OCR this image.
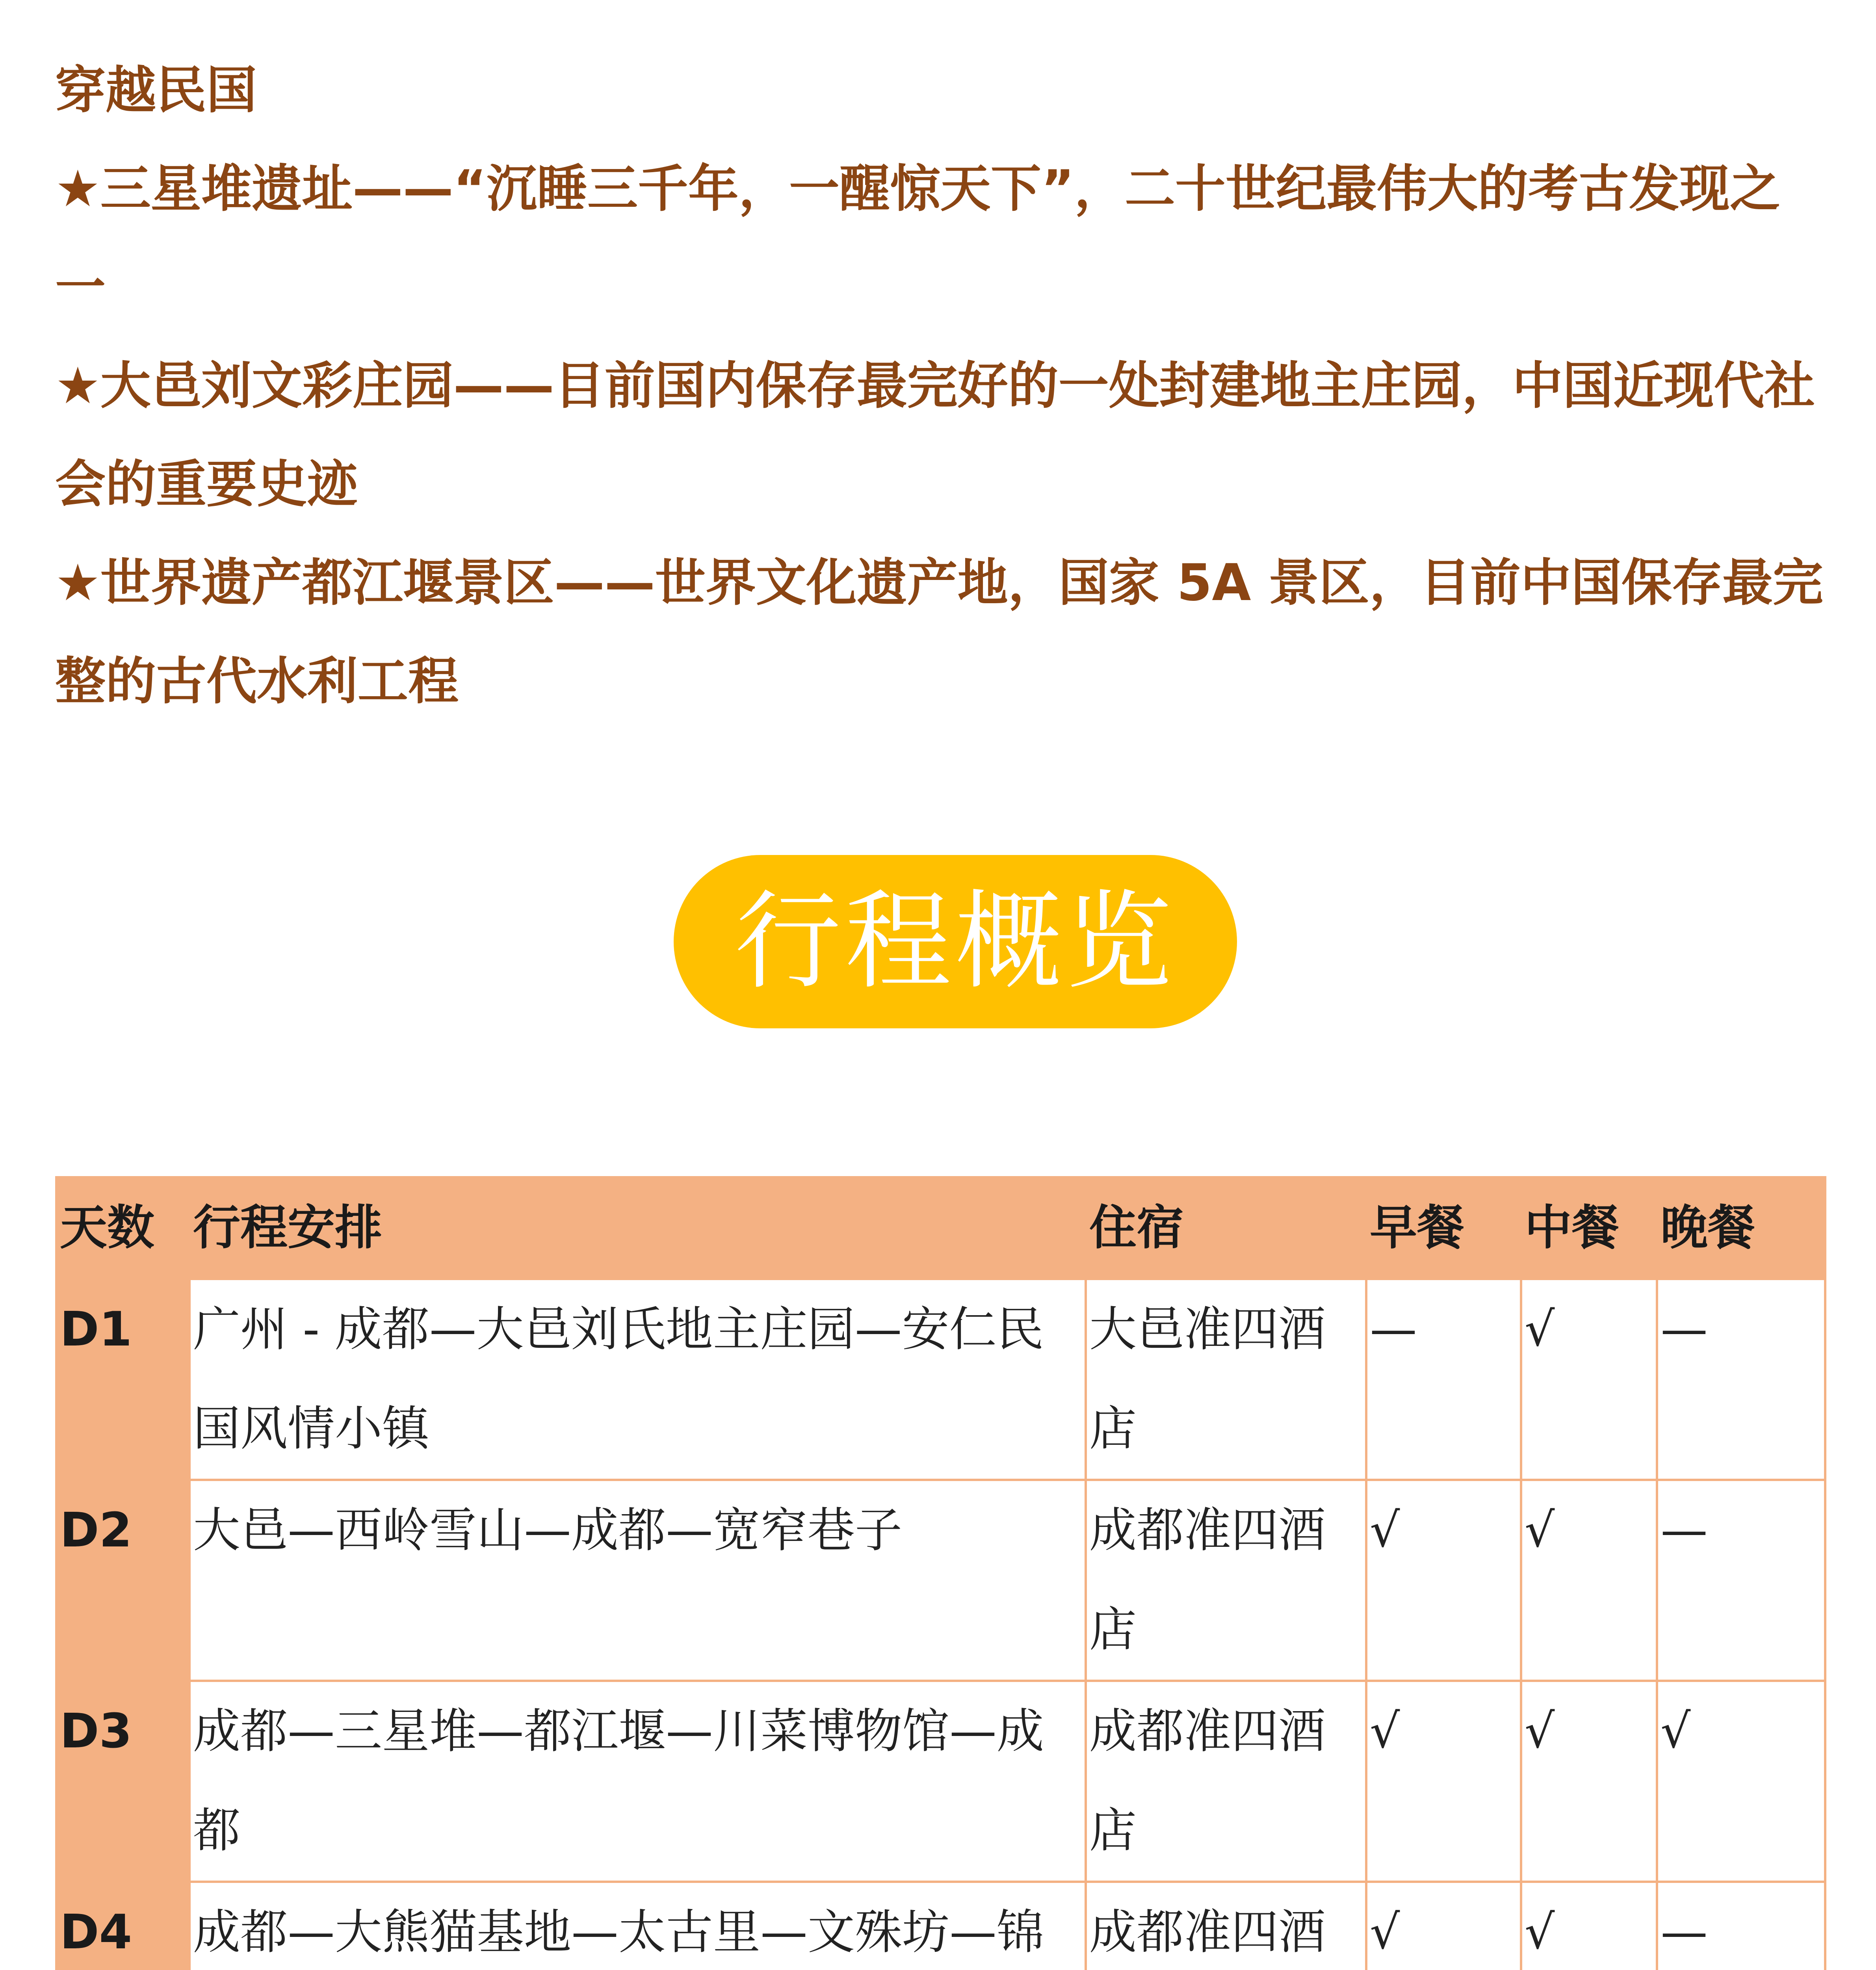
穿越民国

★三星堆遗址——“沉睡三千年，一醒惊天下”，二十世纪最伟大的考古发现之一

★大邑刘文彩庄园——目前国内保存最完好的一处封建地主庄园，中国近现代社会的重要史迹

★世界遗产都江堰景区——世界文化遗产地，国家 5A 景区，目前中国保存最完整的古代水利工程

行程概览
天数	行程安排	住宿	早餐	中餐	晚餐
D1	广州 - 成都—大邑刘氏地主庄园—安仁民国风情小镇	大邑准四酒店	—	√	—
D2	大邑—西岭雪山—成都—宽窄巷子	成都准四酒店	√	√	—
D3	成都—三星堆—都江堰—川菜博物馆—成都	成都准四酒店	√	√	√
D4	成都—大熊猫基地—太古里—文殊坊—锦	成都准四酒	√	√	—
